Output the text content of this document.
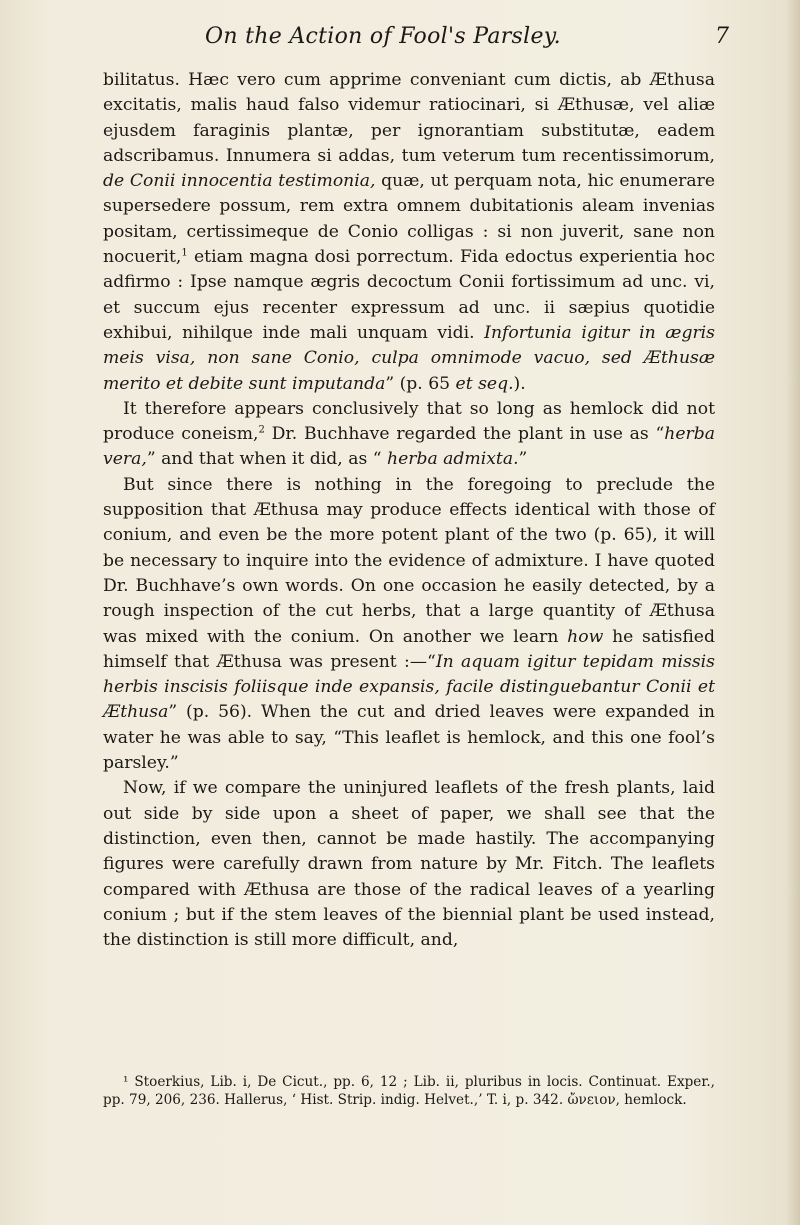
On the Action of Fool's Parsley.	7

bilitatus. Hæc vero cum apprime conveniant cum dictis, ab Æthusa excitatis, malis haud falso videmur ratiocinari, si Æthusæ, vel aliæ ejusdem faraginis plantæ, per ignorantiam substitutæ, eadem adscribamus. Innumera si addas, tum veterum tum recentissimorum, de Conii innocentia testimonia, quæ, ut perquam nota, hic enumerare supersedere possum, rem extra omnem dubitationis aleam invenias positam, certissimeque de Conio colligas : si non juverit, sane non nocuerit,$^1$ etiam magna dosi porrectum. Fida edoctus experientia hoc adfirmo : Ipse namque ægris decoctum Conii fortissimum ad unc. vi, et succum ejus recenter expressum ad unc. ii sæpius quotidie exhibui, nihilque inde mali unquam vidi. Infortunia igitur in ægris meis visa, non sane Conio, culpa omnimode vacuo, sed Æthusæ merito et debite sunt imputanda” (p. 65 et seq.).

It therefore appears conclusively that so long as hemlock did not produce coneism,$^2$ Dr. Buchhave regarded the plant in use as “herba vera,” and that when it did, as “ herba admixta.”

But since there is nothing in the foregoing to preclude the supposition that Æthusa may produce effects identical with those of conium, and even be the more potent plant of the two (p. 65), it will be necessary to inquire into the evidence of admixture. I have quoted Dr. Buchhave’s own words. On one occasion he easily detected, by a rough inspection of the cut herbs, that a large quantity of Æthusa was mixed with the conium. On another we learn how he satisfied himself that Æthusa was present :—“In aquam igitur tepidam missis herbis inscisis foliisque inde expansis, facile distinguebantur Conii et Æthusa” (p. 56). When the cut and dried leaves were expanded in water he was able to say, “This leaflet is hemlock, and this one fool’s parsley.”

Now, if we compare the uninjured leaflets of the fresh plants, laid out side by side upon a sheet of paper, we shall see that the distinction, even then, cannot be made hastily. The accompanying figures were carefully drawn from nature by Mr. Fitch. The leaflets compared with Æthusa are those of the radical leaves of a yearling conium ; but if the stem leaves of the biennial plant be used instead, the distinction is still more difficult, and,

¹ Stoerkius, Lib. i, De Cicut., pp. 6, 12 ; Lib. ii, pluribus in locis. Continuat. Exper., pp. 79, 206, 236. Hallerus, ‘ Hist. Strip. indig. Helvet.,’ T. i, p. 342. ὤνειον, hemlock.
